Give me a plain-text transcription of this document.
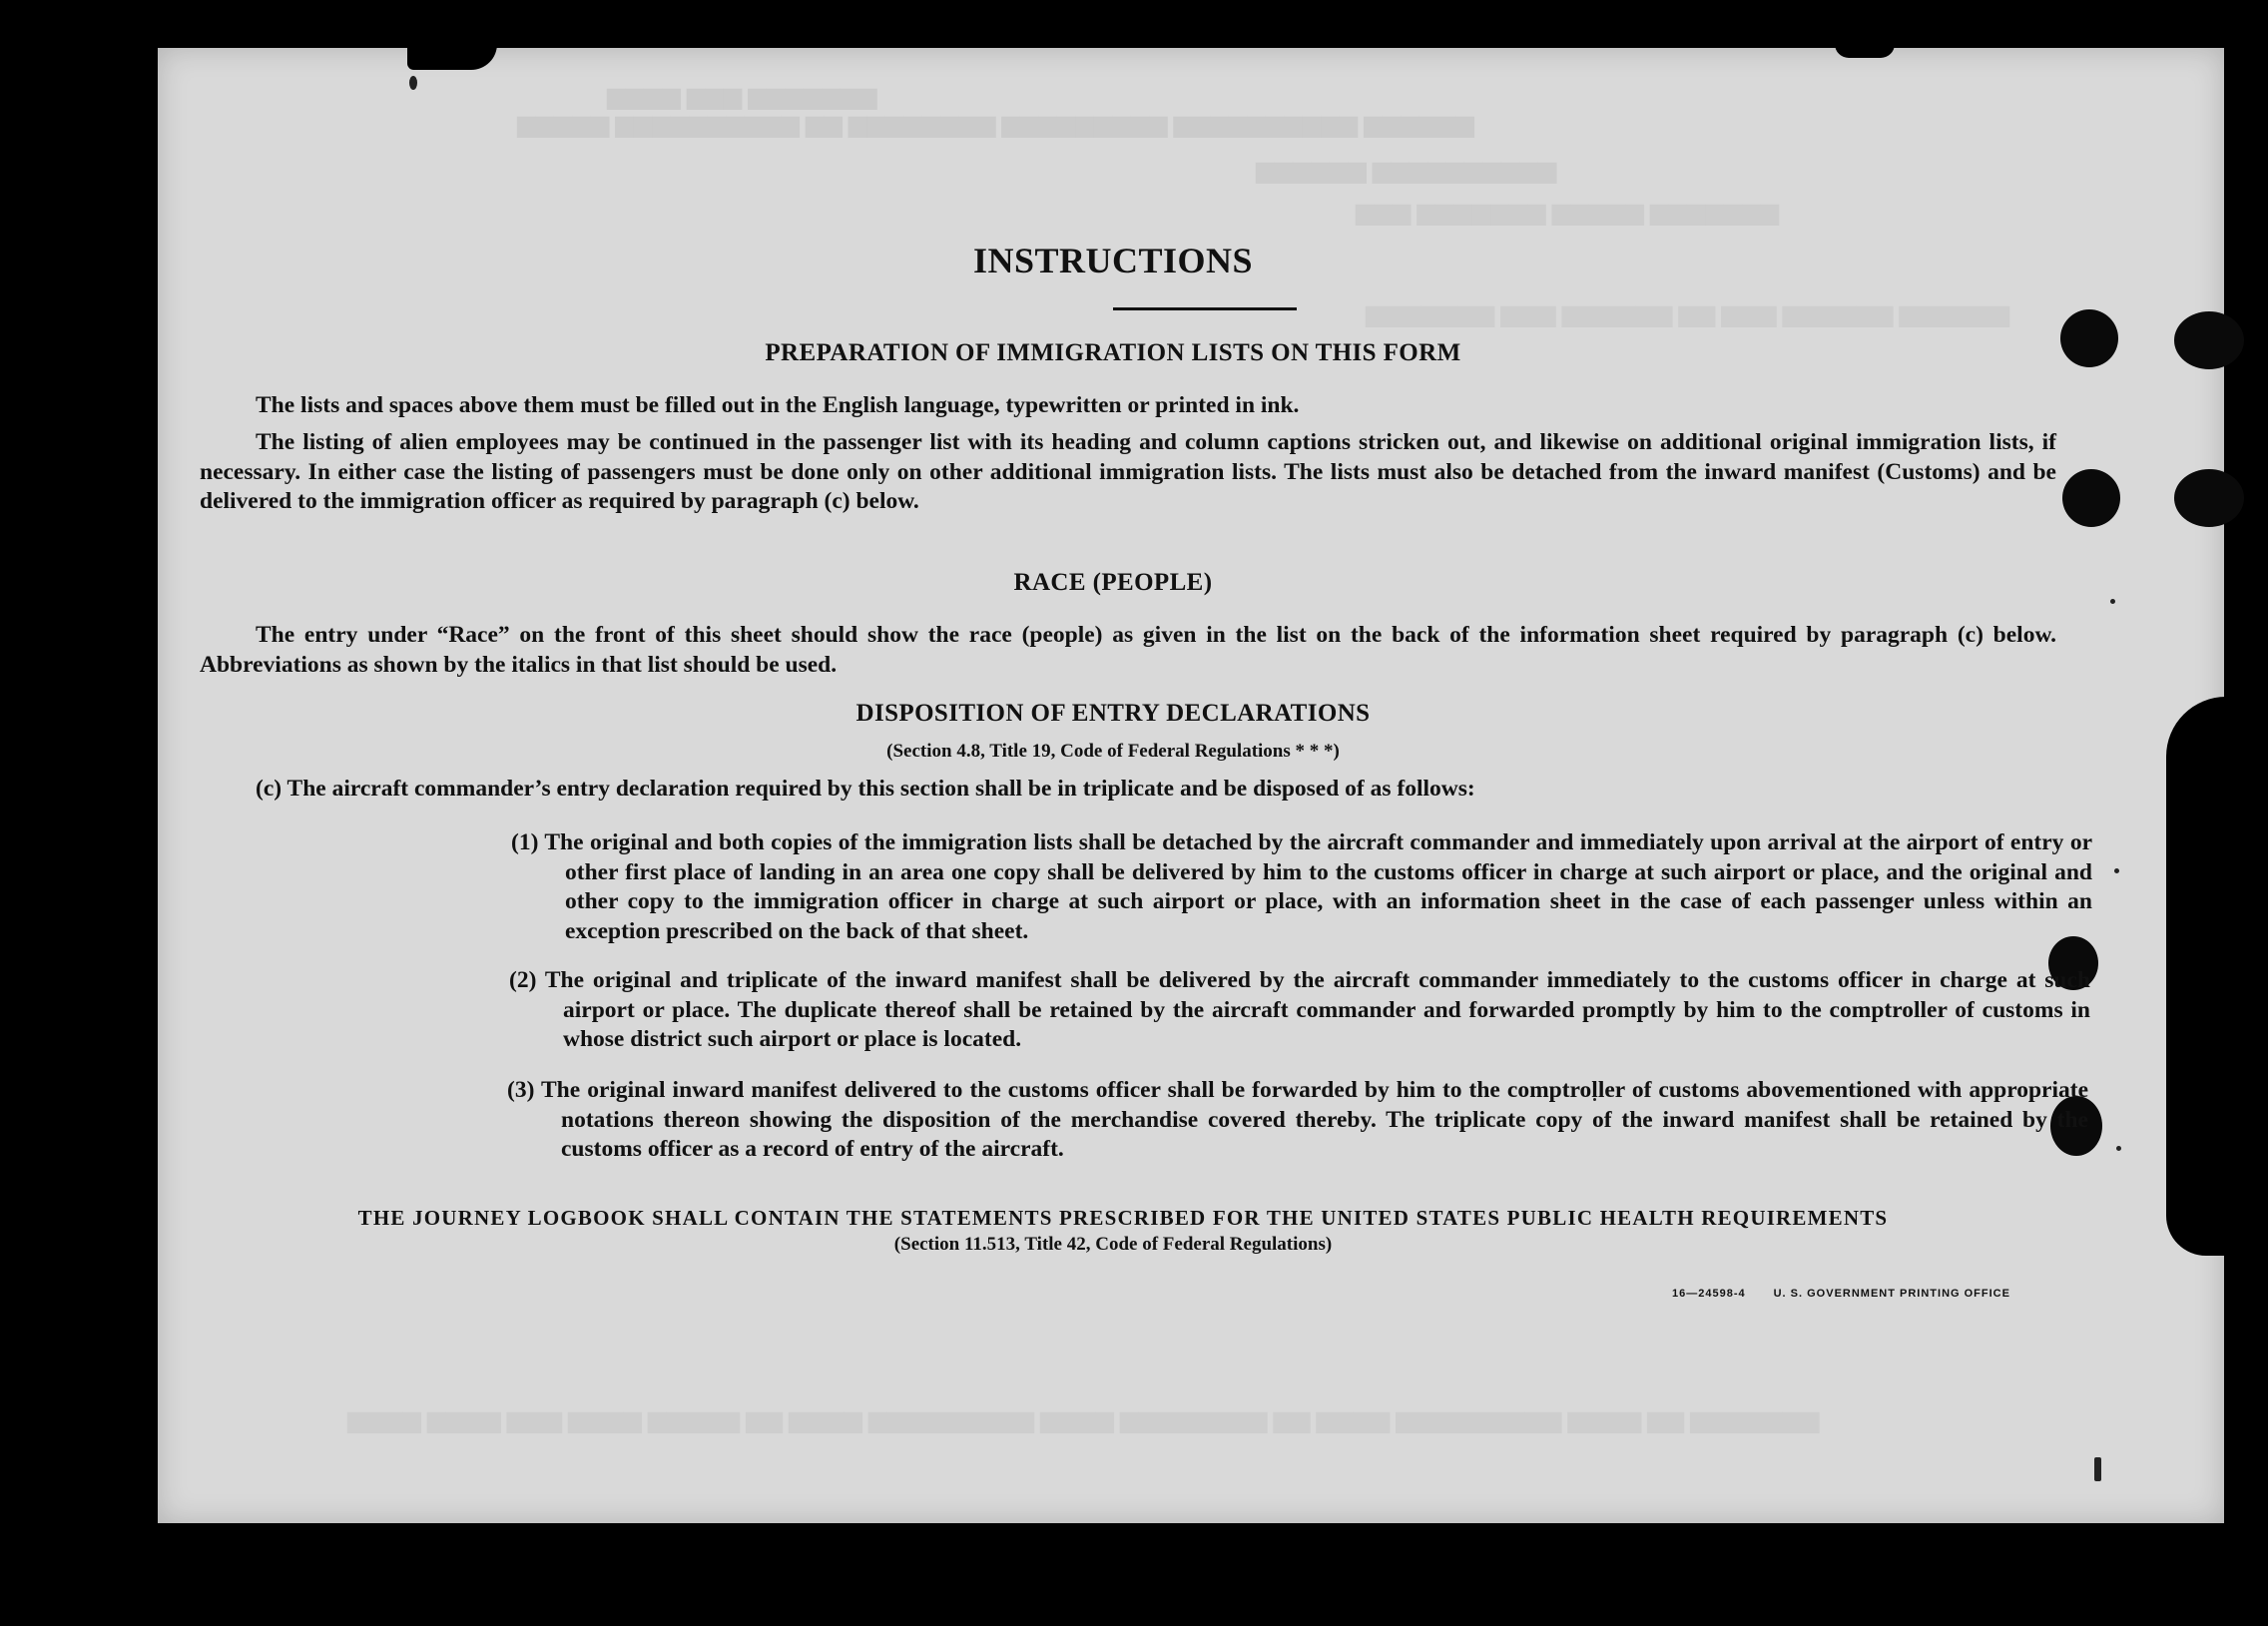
▆▆▆▆ ▆▆▆ ▆▆▆▆▆▆▆
▆▆▆▆▆ ▆▆▆▆▆▆▆▆▆▆ ▆▆ ▆▆▆▆▆▆▆▆ ▆▆▆▆▆▆▆▆▆ ▆▆▆▆▆▆▆▆▆▆ ▆▆▆▆▆▆
▆▆▆▆▆▆ ▆▆▆▆▆▆▆▆▆▆
▆▆▆ ▆▆▆▆▆▆▆ ▆▆▆▆▆ ▆▆▆▆▆▆▆
▆▆▆▆▆▆▆ ▆▆▆ ▆▆▆▆▆▆ ▆▆ ▆▆▆ ▆▆▆▆▆▆ ▆▆▆▆▆▆
▆▆▆▆ ▆▆▆▆ ▆▆▆ ▆▆▆▆ ▆▆▆▆▆ ▆▆ ▆▆▆▆ ▆▆▆▆▆▆▆▆▆ ▆▆▆▆ ▆▆▆▆▆▆▆▆ ▆▆ ▆▆▆▆ ▆▆▆▆▆▆▆▆▆ ▆▆▆▆ ▆▆ ▆▆▆▆▆▆▆
INSTRUCTIONS
PREPARATION OF IMMIGRATION LISTS ON THIS FORM
The lists and spaces above them must be filled out in the English language, typewritten or printed in ink.
The listing of alien employees may be continued in the passenger list with its heading and column captions stricken out, and likewise on additional original immigration lists, if necessary. In either case the listing of passengers must be done only on other additional immigration lists. The lists must also be detached from the inward manifest (Customs) and be delivered to the immigration officer as required by paragraph (c) below.
RACE (PEOPLE)
The entry under “Race” on the front of this sheet should show the race (people) as given in the list on the back of the information sheet required by paragraph (c) below. Abbreviations as shown by the italics in that list should be used.
DISPOSITION OF ENTRY DECLARATIONS
(Section 4.8, Title 19, Code of Federal Regulations * * *)
(c) The aircraft commander’s entry declaration required by this section shall be in triplicate and be disposed of as follows:
(1) The original and both copies of the immigration lists shall be detached by the aircraft commander and immediately upon arrival at the airport of entry or other first place of landing in an area one copy shall be delivered by him to the customs officer in charge at such airport or place, and the original and other copy to the immigration officer in charge at such airport or place, with an information sheet in the case of each passenger unless within an exception prescribed on the back of that sheet.
(2) The original and triplicate of the inward manifest shall be delivered by the aircraft commander immediately to the customs officer in charge at such airport or place. The duplicate thereof shall be retained by the aircraft commander and forwarded promptly by him to the comptroller of customs in whose district such airport or place is located.
(3) The original inward manifest delivered to the customs officer shall be forwarded by him to the comptroller of customs abovementioned with appropriate notations thereon showing the disposition of the merchandise covered thereby. The triplicate copy of the inward manifest shall be retained by the customs officer as a record of entry of the aircraft.
THE JOURNEY LOGBOOK SHALL CONTAIN THE STATEMENTS PRESCRIBED FOR THE UNITED STATES PUBLIC HEALTH REQUIREMENTS
(Section 11.513, Title 42, Code of Federal Regulations)
16—24598-4	U. S. GOVERNMENT PRINTING OFFICE
